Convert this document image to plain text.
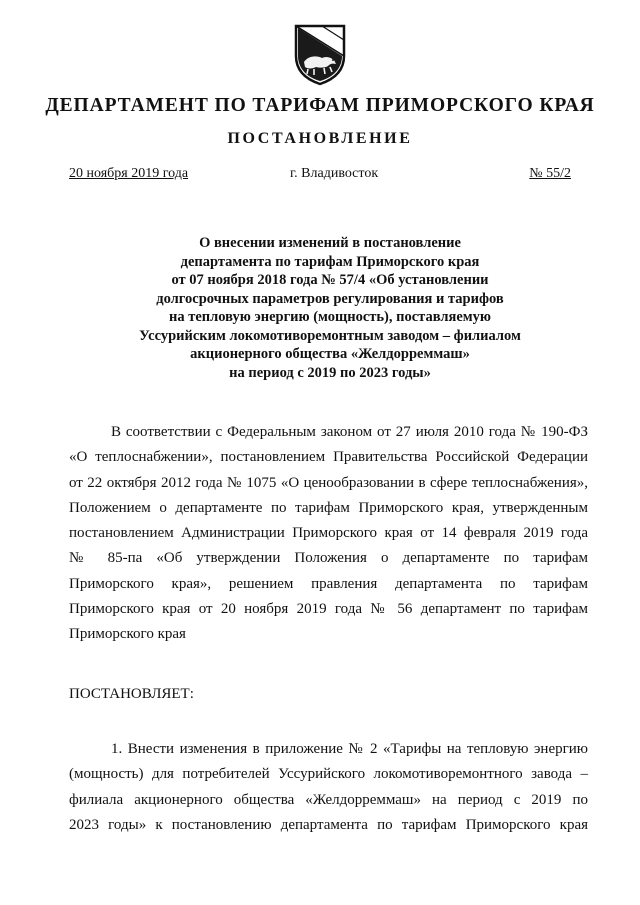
ДЕПАРТАМЕНТ ПО ТАРИФАМ ПРИМОРСКОГО КРАЯ
ПОСТАНОВЛЕНИЕ
20 ноября 2019 года	г. Владивосток	№ 55/2
О внесении изменений в постановление
департамента по тарифам Приморского края
от 07 ноября 2018 года № 57/4 «Об установлении
долгосрочных параметров регулирования и тарифов
на тепловую энергию (мощность), поставляемую
Уссурийским локомотиворемонтным заводом – филиалом
акционерного общества «Желдорреммаш»
на период с 2019 по 2023 годы»
В соответствии с Федеральным законом от 27 июля 2010 года № 190-ФЗ
«О теплоснабжении», постановлением Правительства Российской Федерации
от 22 октября 2012 года № 1075 «О ценообразовании в сфере теплоснабжения»,
Положением о департаменте по тарифам Приморского края, утвержденным
постановлением Администрации Приморского края от 14 февраля 2019 года
№ 85-па «Об утверждении Положения о департаменте по тарифам
Приморского края», решением правления департамента по тарифам
Приморского края от 20 ноября 2019 года № 56 департамент по тарифам
Приморского края

ПОСТАНОВЛЯЕТ:

1. Внести изменения в приложение № 2 «Тарифы на тепловую энергию
(мощность) для потребителей Уссурийского локомотиворемонтного завода –
филиала акционерного общества «Желдорреммаш» на период с 2019 по
2023 годы» к постановлению департамента по тарифам Приморского края
